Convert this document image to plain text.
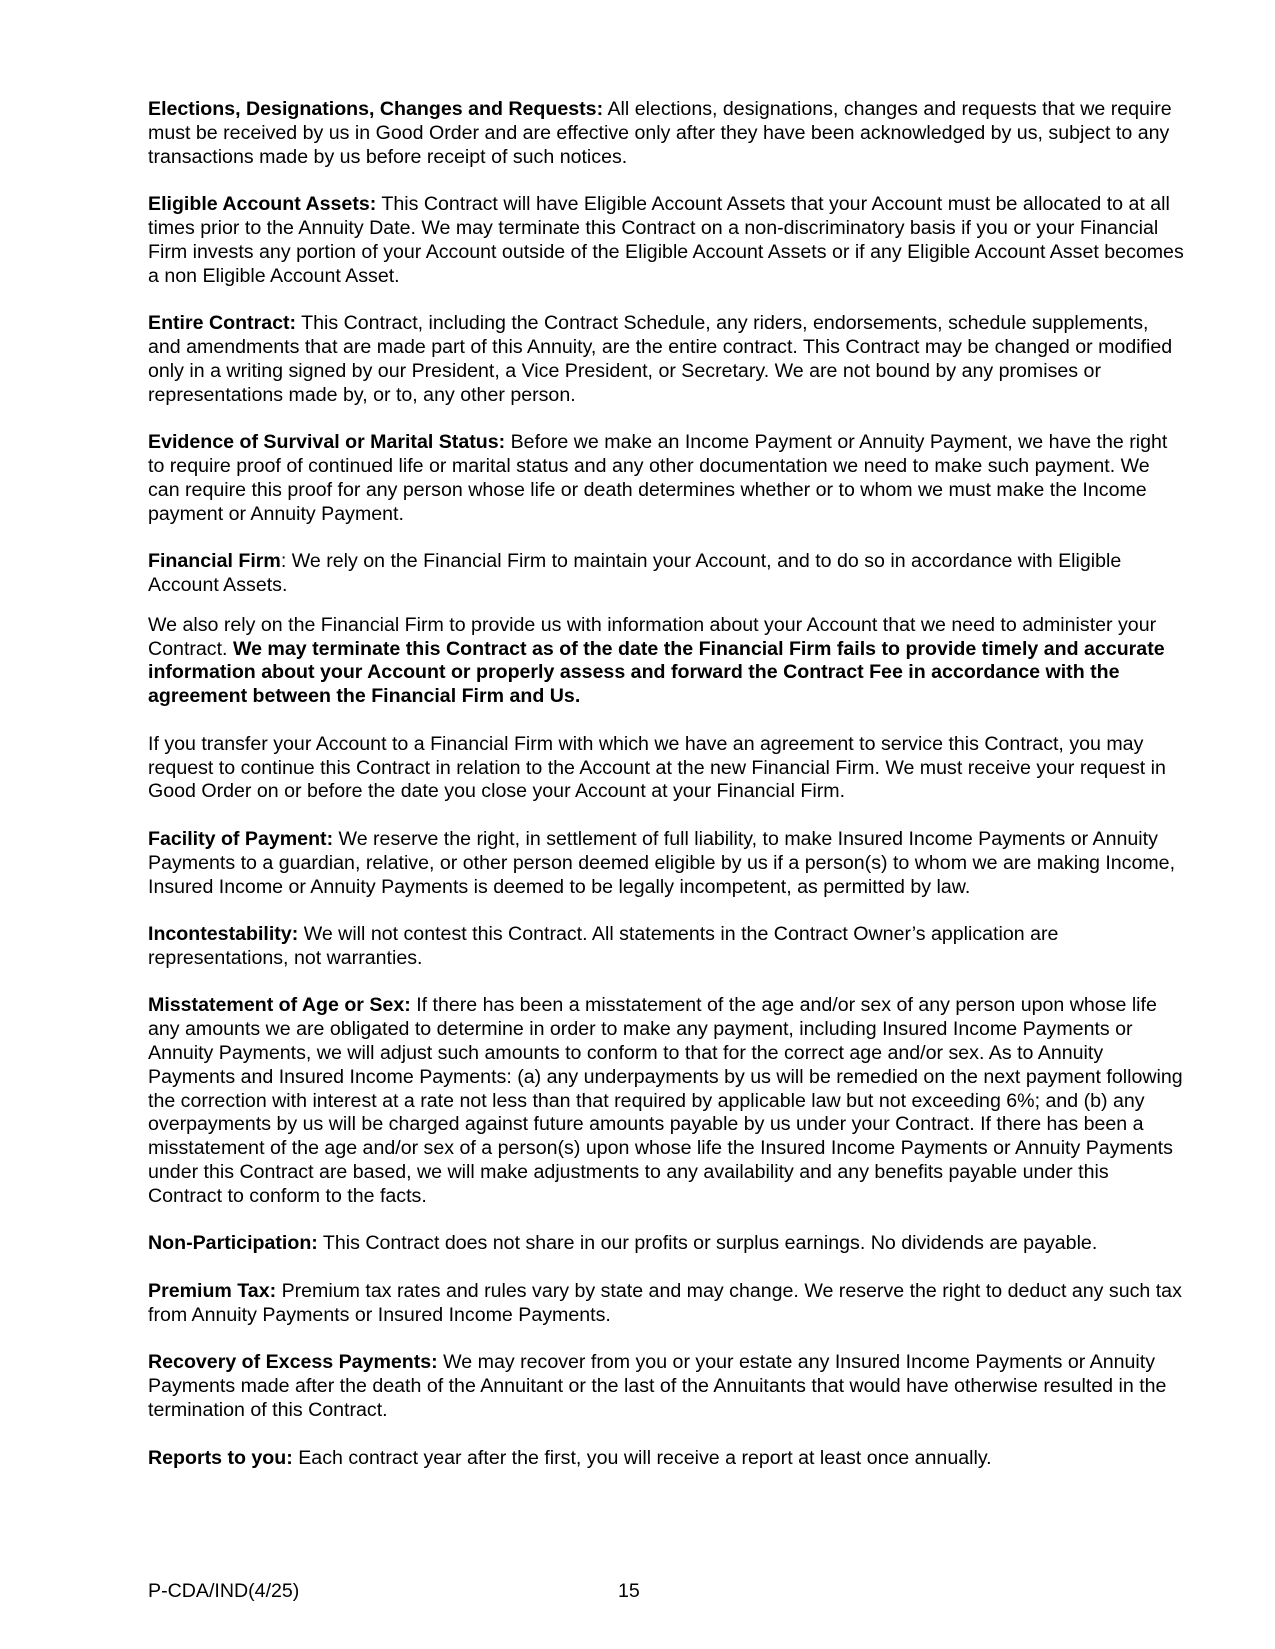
Elections, Designations, Changes and Requests: All elections, designations, changes and requests that we require must be received by us in Good Order and are effective only after they have been acknowledged by us, subject to any transactions made by us before receipt of such notices.

Eligible Account Assets: This Contract will have Eligible Account Assets that your Account must be allocated to at all times prior to the Annuity Date. We may terminate this Contract on a non-discriminatory basis if you or your Financial Firm invests any portion of your Account outside of the Eligible Account Assets or if any Eligible Account Asset becomes a non Eligible Account Asset.

Entire Contract: This Contract, including the Contract Schedule, any riders, endorsements, schedule supplements, and amendments that are made part of this Annuity, are the entire contract. This Contract may be changed or modified only in a writing signed by our President, a Vice President, or Secretary. We are not bound by any promises or representations made by, or to, any other person.

Evidence of Survival or Marital Status: Before we make an Income Payment or Annuity Payment, we have the right to require proof of continued life or marital status and any other documentation we need to make such payment. We can require this proof for any person whose life or death determines whether or to whom we must make the Income payment or Annuity Payment.

Financial Firm: We rely on the Financial Firm to maintain your Account, and to do so in accordance with Eligible Account Assets.

We also rely on the Financial Firm to provide us with information about your Account that we need to administer your Contract. We may terminate this Contract as of the date the Financial Firm fails to provide timely and accurate information about your Account or properly assess and forward the Contract Fee in accordance with the agreement between the Financial Firm and Us.

If you transfer your Account to a Financial Firm with which we have an agreement to service this Contract, you may request to continue this Contract in relation to the Account at the new Financial Firm. We must receive your request in Good Order on or before the date you close your Account at your Financial Firm.

Facility of Payment: We reserve the right, in settlement of full liability, to make Insured Income Payments or Annuity Payments to a guardian, relative, or other person deemed eligible by us if a person(s) to whom we are making Income, Insured Income or Annuity Payments is deemed to be legally incompetent, as permitted by law.

Incontestability: We will not contest this Contract. All statements in the Contract Owner’s application are representations, not warranties.

Misstatement of Age or Sex: If there has been a misstatement of the age and/or sex of any person upon whose life any amounts we are obligated to determine in order to make any payment, including Insured Income Payments or Annuity Payments, we will adjust such amounts to conform to that for the correct age and/or sex. As to Annuity Payments and Insured Income Payments: (a) any underpayments by us will be remedied on the next payment following the correction with interest at a rate not less than that required by applicable law but not exceeding 6%; and (b) any overpayments by us will be charged against future amounts payable by us under your Contract. If there has been a misstatement of the age and/or sex of a person(s) upon whose life the Insured Income Payments or Annuity Payments under this Contract are based, we will make adjustments to any availability and any benefits payable under this Contract to conform to the facts.

Non-Participation: This Contract does not share in our profits or surplus earnings. No dividends are payable.

Premium Tax: Premium tax rates and rules vary by state and may change. We reserve the right to deduct any such tax from Annuity Payments or Insured Income Payments.

Recovery of Excess Payments: We may recover from you or your estate any Insured Income Payments or Annuity Payments made after the death of the Annuitant or the last of the Annuitants that would have otherwise resulted in the termination of this Contract.

Reports to you: Each contract year after the first, you will receive a report at least once annually.

P-CDA/IND(4/25)	15
